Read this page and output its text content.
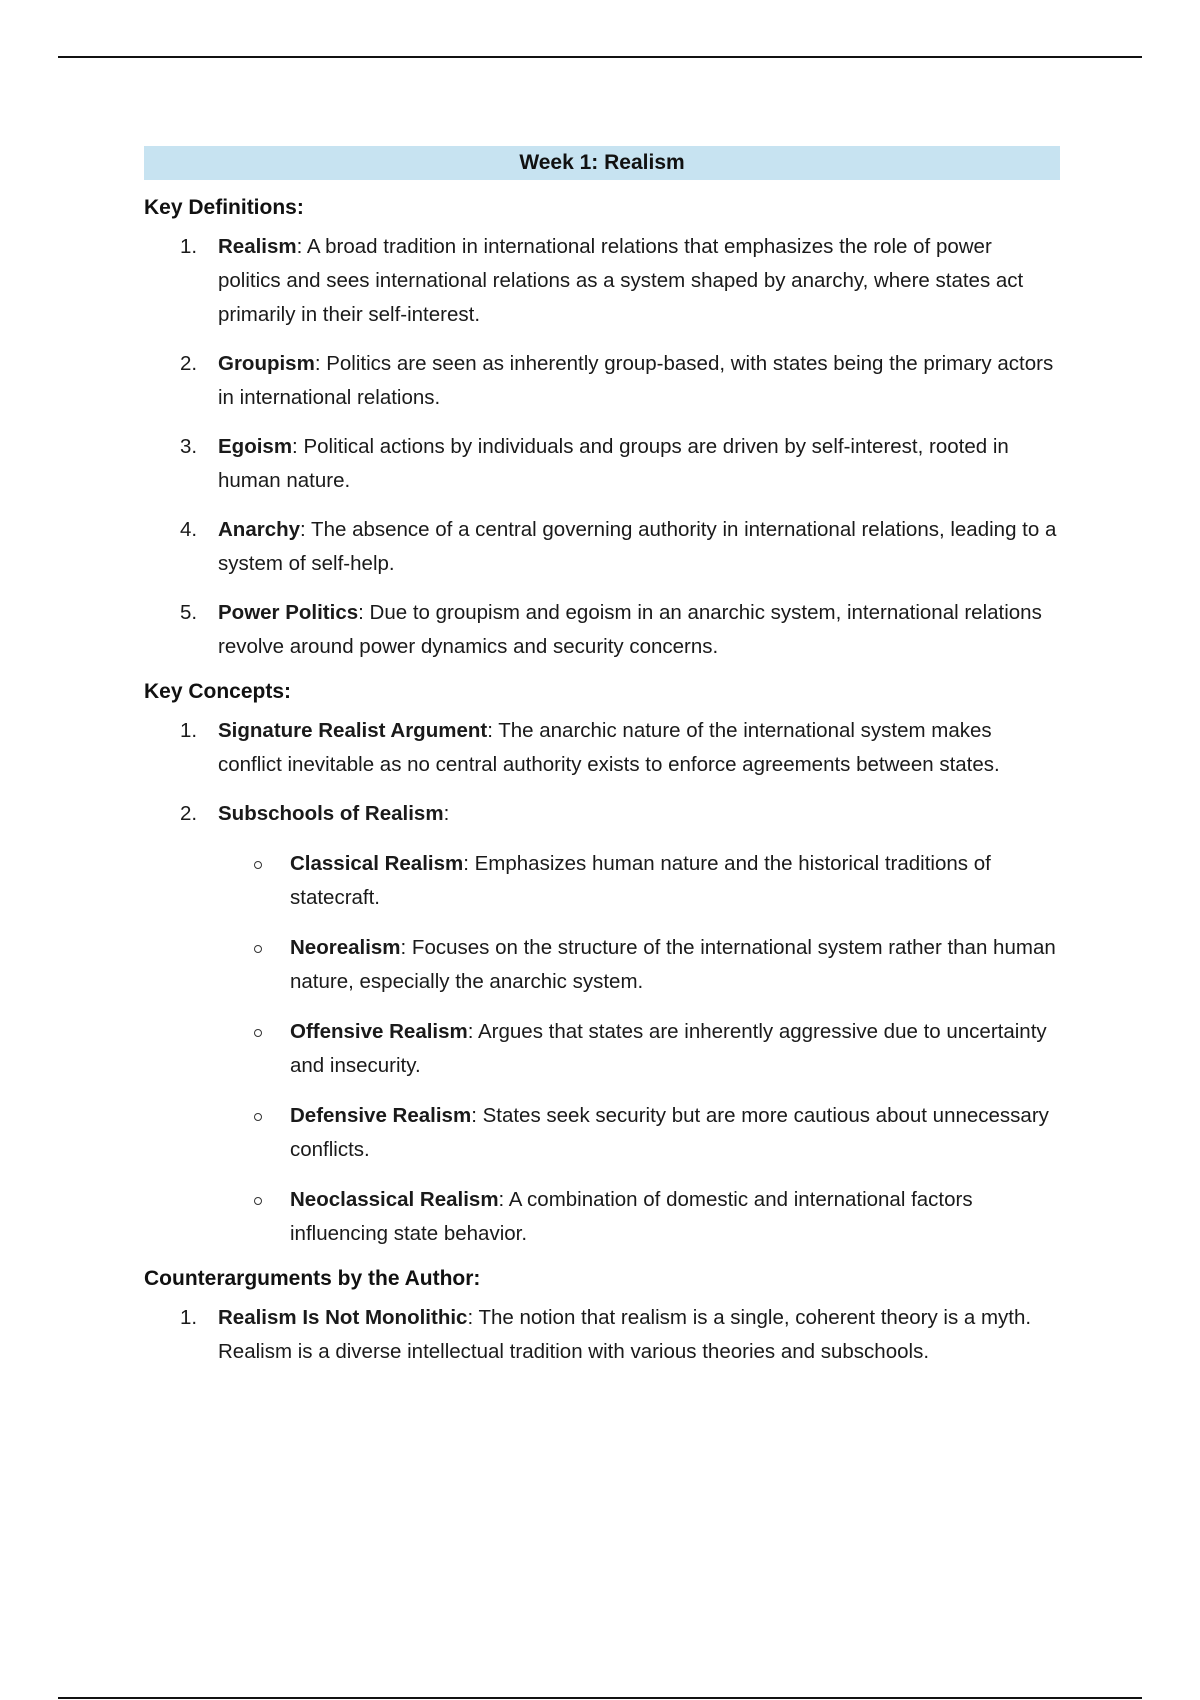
Week 1: Realism
Key Definitions:
1.	Realism: A broad tradition in international relations that emphasizes the role of power politics and sees international relations as a system shaped by anarchy, where states act primarily in their self-interest.
2.	Groupism: Politics are seen as inherently group-based, with states being the primary actors in international relations.
3.	Egoism: Political actions by individuals and groups are driven by self-interest, rooted in human nature.
4.	Anarchy: The absence of a central governing authority in international relations, leading to a system of self-help.
5.	Power Politics: Due to groupism and egoism in an anarchic system, international relations revolve around power dynamics and security concerns.
Key Concepts:
1.	Signature Realist Argument: The anarchic nature of the international system makes conflict inevitable as no central authority exists to enforce agreements between states.
2.	Subschools of Realism:
Classical Realism: Emphasizes human nature and the historical traditions of statecraft.
Neorealism: Focuses on the structure of the international system rather than human nature, especially the anarchic system.
Offensive Realism: Argues that states are inherently aggressive due to uncertainty and insecurity.
Defensive Realism: States seek security but are more cautious about unnecessary conflicts.
Neoclassical Realism: A combination of domestic and international factors influencing state behavior.
Counterarguments by the Author:
1.	Realism Is Not Monolithic: The notion that realism is a single, coherent theory is a myth. Realism is a diverse intellectual tradition with various theories and subschools.
